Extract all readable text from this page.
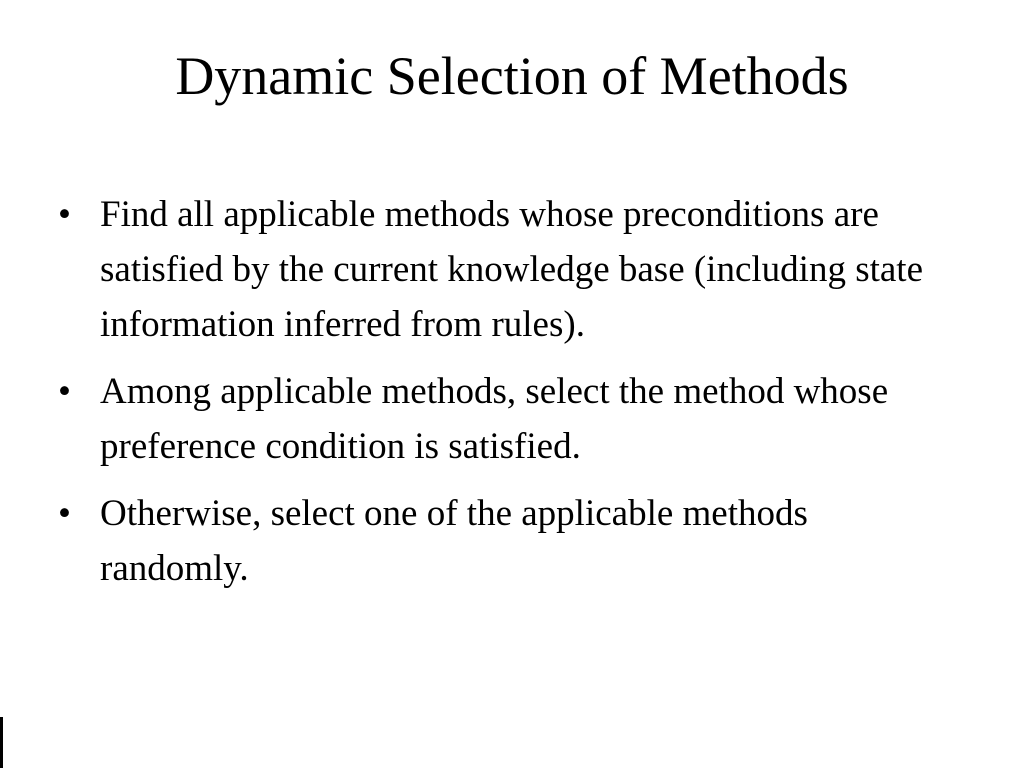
Dynamic Selection of Methods
• Find all applicable methods whose preconditions are satisfied by the current knowledge base (including state information inferred from rules).
• Among applicable methods, select the method whose preference condition is satisfied.
• Otherwise, select one of the applicable methods randomly.
